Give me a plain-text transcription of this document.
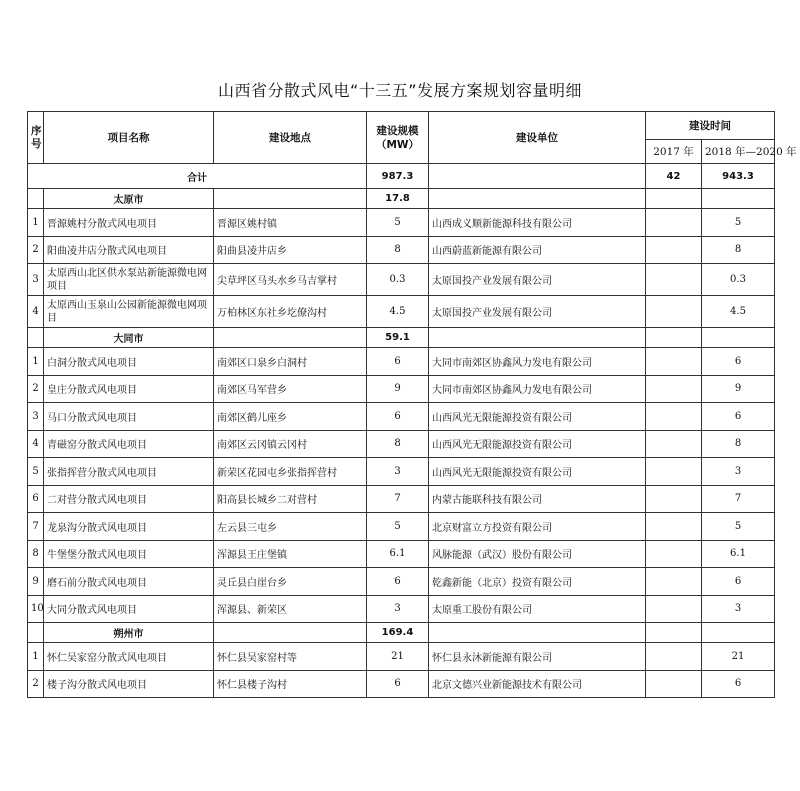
山西省分散式风电“十三五”发展方案规划容量明细
序号	项目名称	建设地点	建设规模（MW）	建设单位	建设时间	
					2017 年	2018 年—2020 年
合计			987.3		42	943.3
	太原市		17.8			
1	晋源姚村分散式风电项目	晋源区姚村镇	5	山西成义顺新能源科技有限公司		5
2	阳曲凌井店分散式风电项目	阳曲县凌井店乡	8	山西蔚蓝新能源有限公司		8
3	太原西山北区供水泵站新能源微电网项目	尖草坪区马头水乡马吉掌村	0.3	太原国投产业发展有限公司		0.3
4	太原西山玉泉山公园新能源微电网项目	万柏林区东社乡圪僚沟村	4.5	太原国投产业发展有限公司		4.5
	大同市		59.1			
1	白洞分散式风电项目	南郊区口泉乡白洞村	6	大同市南郊区协鑫风力发电有限公司		6
2	皇庄分散式风电项目	南郊区马军营乡	9	大同市南郊区协鑫风力发电有限公司		9
3	马口分散式风电项目	南郊区鹤儿座乡	6	山西风光无限能源投资有限公司		6
4	青磁窑分散式风电项目	南郊区云冈镇云冈村	8	山西风光无限能源投资有限公司		8
5	张指挥营分散式风电项目	新荣区花园屯乡张指挥营村	3	山西风光无限能源投资有限公司		3
6	二对营分散式风电项目	阳高县长城乡二对营村	7	内蒙古能联科技有限公司		7
7	龙泉沟分散式风电项目	左云县三屯乡	5	北京财富立方投资有限公司		5
8	牛堡堡分散式风电项目	浑源县王庄堡镇	6.1	风脉能源（武汉）股份有限公司		6.1
9	磨石前分散式风电项目	灵丘县白崖台乡	6	乾鑫新能（北京）投资有限公司		6
10	大同分散式风电项目	浑源县、新荣区	3	太原重工股份有限公司		3
	朔州市		169.4			
1	怀仁吴家窑分散式风电项目	怀仁县吴家窑村等	21	怀仁县永沐新能源有限公司		21
2	楼子沟分散式风电项目	怀仁县楼子沟村	6	北京文德兴业新能源技术有限公司		6
